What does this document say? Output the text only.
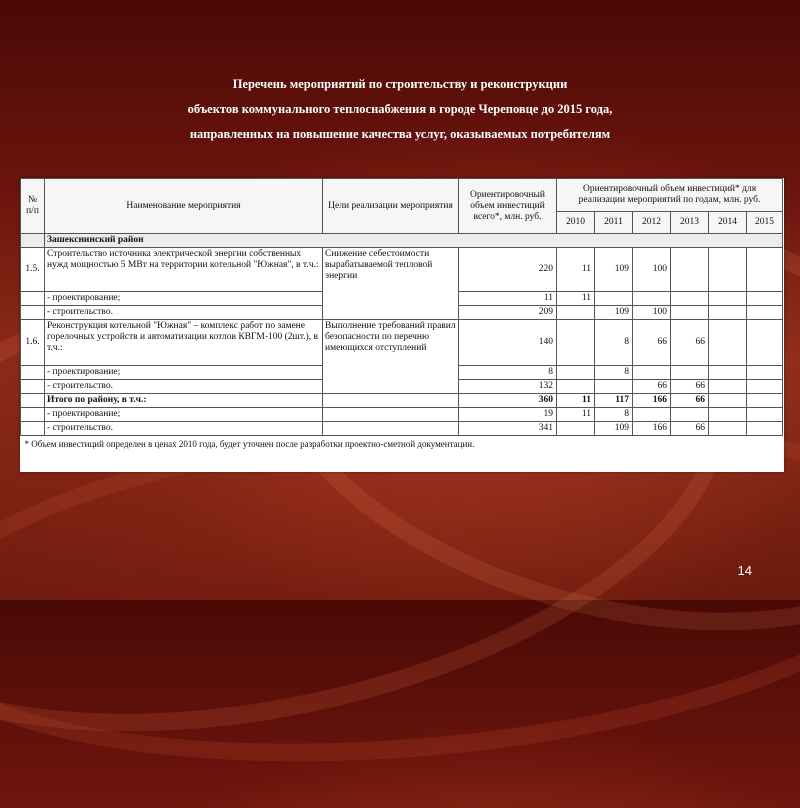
Перечень мероприятий по строительству и реконструкции
объектов коммунального теплоснабжения в городе Череповце до 2015 года,
направленных на повышение качества услуг, оказываемых потребителям
№ п/п	Наименование мероприятия	Цели реализации мероприятия	Ориентировочный объем инвестиций всего*, млн. руб.	Ориентировочный объем инвестиций* для реализации мероприятий по годам, млн. руб.					
				2010	2011	2012	2013	2014	2015
	Зашекснинский район								
1.5.	Строительство источника электрической энергии собственных нужд мощностью 5 МВт на территории котельной "Южная", в т.ч.:	Снижение себестоимости вырабатываемой тепловой энергии	220	11	109	100			
	- проектирование;		11	11					
	- строительство.		209		109	100			
1.6.	Реконструкция котельной "Южная" – комплекс работ по замене горелочных устройств и автоматизации котлов КВГМ-100 (2шт.), в т.ч.:	Выполнение требований правил безопасности по перечню имеющихся отступлений	140		8	66	66		
	- проектирование;		8		8				
	- строительство.		132			66	66		
	Итого по району, в т.ч.:		360	11	117	166	66		
	- проектирование;		19	11	8				
	- строительство.		341		109	166	66		
* Объем инвестиций определен в ценах 2010 года, будет уточнен после разработки проектно-сметной документации.									
14
